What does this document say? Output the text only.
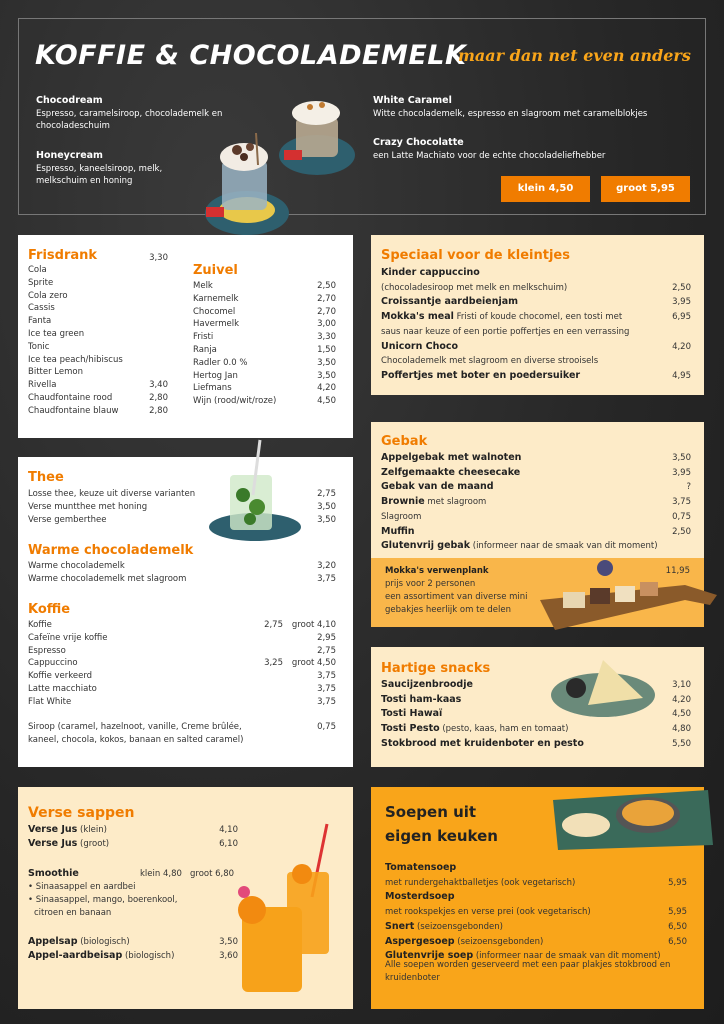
KOFFIE & CHOCOLADEMELK
maar dan net even anders
Chocodream
Espresso, caramelsiroop, chocolademelk en
chocoladeschuim
Honeycream
Espresso, kaneelsiroop, melk,
melkschuim en honing
White Caramel
Witte chocolademelk, espresso en slagroom met caramelblokjes
Crazy Chocolatte
een Latte Machiato voor de echte chocoladeliefhebber
klein 4,50	groot 5,95
Frisdrank	3,30
Cola
Sprite
Cola zero
Cassis
Fanta
Ice tea green
Tonic
Ice tea peach/hibiscus
Bitter Lemon
Rivella	3,40
Chaudfontaine rood	2,80
Chaudfontaine blauw	2,80
Zuivel
Melk	2,50
Karnemelk	2,70
Chocomel	2,70
Havermelk	3,00
Fristi	3,30
Ranja	1,50
Radler 0.0 %	3,50
Hertog Jan	3,50
Liefmans	4,20
Wijn (rood/wit/roze)	4,50
Speciaal voor de kleintjes
Kinder cappuccino
(chocoladesiroop met melk en melkschuim)	2,50
Croissantje aardbeienjam	3,95
Mokka's meal Fristi of koude chocomel, een tosti met	6,95
saus naar keuze of een portie poffertjes en een verrassing
Unicorn Choco	4,20
Chocolademelk met slagroom en diverse strooisels
Poffertjes met boter en poedersuiker	4,95
Thee
Losse thee, keuze uit diverse varianten	2,75
Verse muntthee met honing	3,50
Verse gemberthee	3,50
Warme chocolademelk
Warme chocolademelk	3,20
Warme chocolademelk met slagroom	3,75
Koffie
Koffie	2,75	groot 4,10
Cafeïne vrije koffie	2,95
Espresso	2,75
Cappuccino	3,25	groot 4,50
Koffie verkeerd	3,75
Latte macchiato	3,75
Flat White	3,75
Siroop (caramel, hazelnoot, vanille, Creme brûlée,
kaneel, chocola, kokos, banaan en salted caramel)
0,75
Gebak
Appelgebak met walnoten	3,50
Zelfgemaakte cheesecake	3,95
Gebak van de maand	?
Brownie met slagroom	3,75
Slagroom	0,75
Muffin	2,50
Glutenvrij gebak (informeer naar de smaak van dit moment)
Mokka's verwenplank	11,95
prijs voor 2 personen
een assortiment van diverse mini
gebakjes heerlijk om te delen
Hartige snacks
Saucijzenbroodje	3,10
Tosti ham-kaas	4,20
Tosti Hawaï	4,50
Tosti Pesto (pesto, kaas, ham en tomaat)	4,80
Stokbrood met kruidenboter en pesto	5,50
Verse sappen
Verse Jus (klein)	4,10
Verse Jus (groot)	6,10
Smoothie	klein 4,80 groot 6,80
• Sinaasappel en aardbei
• Sinaasappel, mango, boerenkool,
citroen en banaan
Appelsap (biologisch)	3,50
Appel-aardbeisap (biologisch)	3,60
Soepen uit
eigen keuken
Tomatensoep
met rundergehaktballetjes (ook vegetarisch)	5,95
Mosterdsoep
met rookspekjes en verse prei (ook vegetarisch)	5,95
Snert (seizoensgebonden)	6,50
Aspergesoep (seizoensgebonden)	6,50
Glutenvrije soep (informeer naar de smaak van dit moment)
Alle soepen worden geserveerd met een paar plakjes stokbrood en
kruidenboter
